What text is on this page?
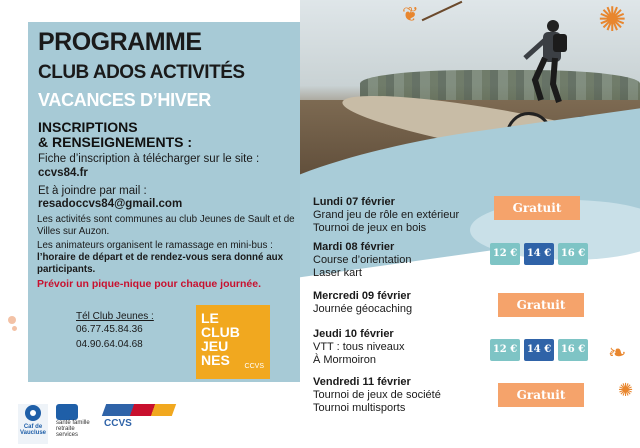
❦	✺
❧
✺
PROGRAMME
CLUB ADOS ACTIVITÉS
VACANCES D’HIVER
INSCRIPTIONS
& RENSEIGNEMENTS :
Fiche d’inscription à télécharger sur le site :
ccvs84.fr
Et à joindre par mail :
resadoccvs84@gmail.com
Les activités sont communes au club Jeunes de Sault et de Villes sur Auzon.
Les animateurs organisent le ramassage en mini-bus :
l’horaire de départ et de rendez-vous sera donné aux participants.
Prévoir un pique-nique pour chaque journée.
Tél Club Jeunes :
06.77.45.84.36
04.90.64.04.68
LE
CLUB
JEU
NES	CCVS
Lundi 07 février
Grand jeu de rôle en extérieur
Tournoi de jeux en bois
Gratuit
Mardi 08 février
Course d’orientation
Laser kart
12 € 14 € 16 €
Mercredi 09 février
Journée géocaching	Gratuit
Jeudi 10 février
VTT : tous niveaux
À Mormoiron
12 € 14 € 16 €
Vendredi 11 février
Tournoi de jeux de société
Tournoi multisports
Gratuit
Caf de Vaucluse
santé famille retraite services
CCVS
